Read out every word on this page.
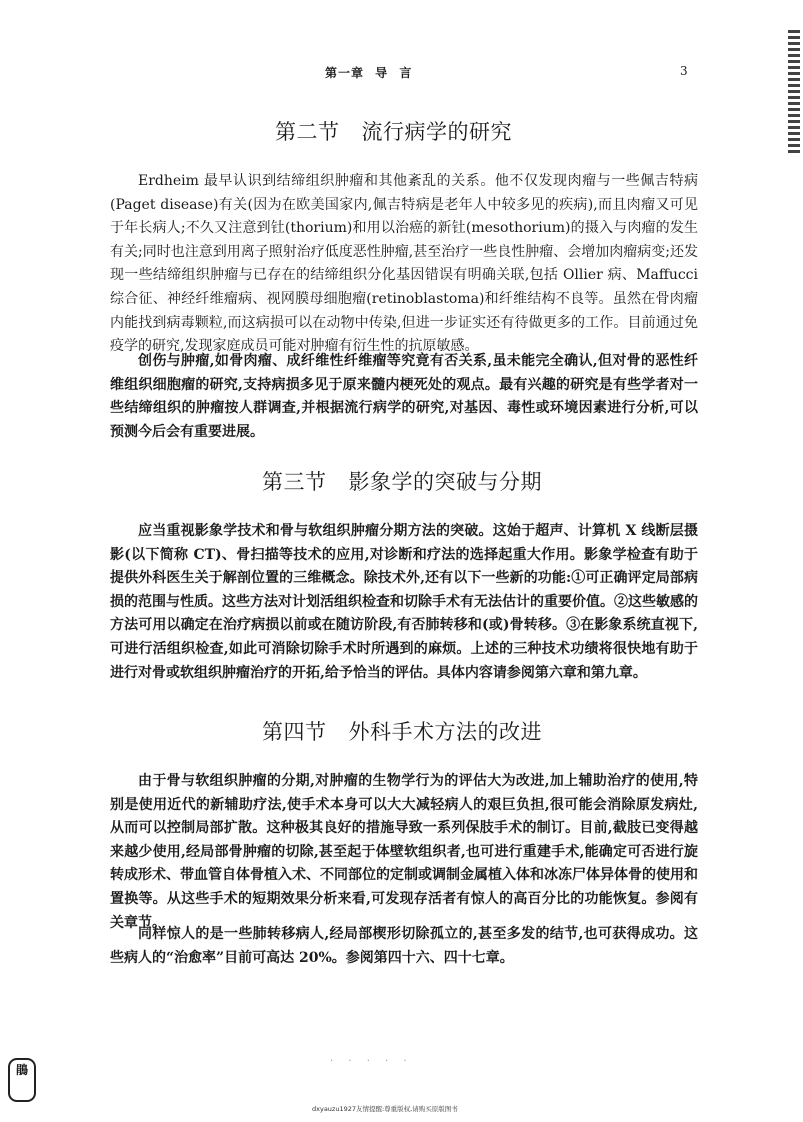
第一章 导 言	3
第二节 流行病学的研究

Erdheim 最早认识到结缔组织肿瘤和其他紊乱的关系。他不仅发现肉瘤与一些佩吉特病(Paget disease)有关(因为在欧美国家内,佩吉特病是老年人中较多见的疾病),而且肉瘤又可见于年长病人;不久又注意到钍(thorium)和用以治癌的新钍(mesothorium)的摄入与肉瘤的发生有关;同时也注意到用离子照射治疗低度恶性肿瘤,甚至治疗一些良性肿瘤、会增加肉瘤病变;还发现一些结缔组织肿瘤与已存在的结缔组织分化基因错误有明确关联,包括 Ollier 病、Maffucci 综合征、神经纤维瘤病、视网膜母细胞瘤(retinoblastoma)和纤维结构不良等。虽然在骨肉瘤内能找到病毒颗粒,而这病损可以在动物中传染,但进一步证实还有待做更多的工作。目前通过免疫学的研究,发现家庭成员可能对肿瘤有衍生性的抗原敏感。

创伤与肿瘤,如骨肉瘤、成纤维性纤维瘤等究竟有否关系,虽未能完全确认,但对骨的恶性纤维组织细胞瘤的研究,支持病损多见于原来髓内梗死处的观点。最有兴趣的研究是有些学者对一些结缔组织的肿瘤按人群调查,并根据流行病学的研究,对基因、毒性或环境因素进行分析,可以预测今后会有重要进展。

第三节 影象学的突破与分期

应当重视影象学技术和骨与软组织肿瘤分期方法的突破。这始于超声、计算机 X 线断层摄影(以下简称 CT)、骨扫描等技术的应用,对诊断和疗法的选择起重大作用。影象学检查有助于提供外科医生关于解剖位置的三维概念。除技术外,还有以下一些新的功能:①可正确评定局部病损的范围与性质。这些方法对计划活组织检查和切除手术有无法估计的重要价值。②这些敏感的方法可用以确定在治疗病损以前或在随访阶段,有否肺转移和(或)骨转移。③在影象系统直视下,可进行活组织检查,如此可消除切除手术时所遇到的麻烦。上述的三种技术功绩将很快地有助于进行对骨或软组织肿瘤治疗的开拓,给予恰当的评估。具体内容请参阅第六章和第九章。

第四节 外科手术方法的改进

由于骨与软组织肿瘤的分期,对肿瘤的生物学行为的评估大为改进,加上辅助治疗的使用,特别是使用近代的新辅助疗法,使手术本身可以大大减轻病人的艰巨负担,很可能会消除原发病灶,从而可以控制局部扩散。这种极其良好的措施导致一系列保肢手术的制订。目前,截肢已变得越来越少使用,经局部骨肿瘤的切除,甚至起于体壁软组织者,也可进行重建手术,能确定可否进行旋转成形术、带血管自体骨植入术、不同部位的定制或调制金属植入体和冰冻尸体异体骨的使用和置换等。从这些手术的短期效果分析来看,可发现存活者有惊人的高百分比的功能恢复。参阅有关章节。

同样惊人的是一些肺转移病人,经局部楔形切除孤立的,甚至多发的结节,也可获得成功。这些病人的“治愈率”目前可高达 20%。参阅第四十六、四十七章。

· · · · ·
鵑
dxyauzu1927友情提醒:尊重版权,请购买原版图书
